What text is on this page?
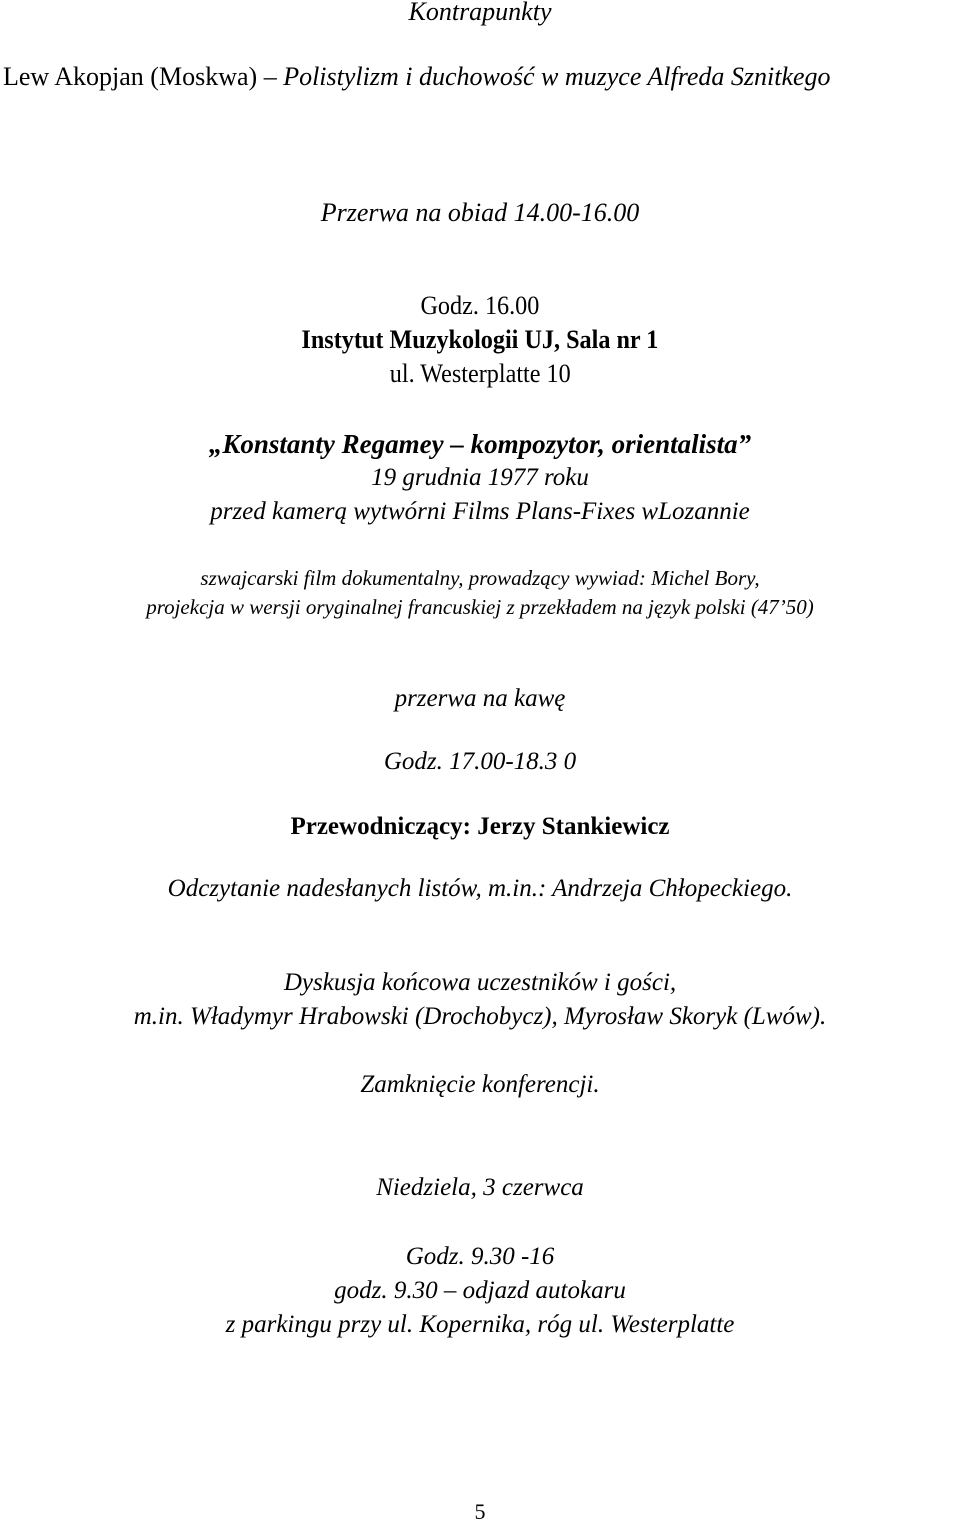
Kontrapunkty

Lew Akopjan (Moskwa) – Polistylizm i duchowość w muzyce Alfreda Sznitkego

Przerwa na obiad 14.00-16.00

Godz. 16.00

Instytut Muzykologii UJ, Sala nr 1

ul. Westerplatte 10

„Konstanty Regamey – kompozytor, orientalista”

19 grudnia 1977 roku

przed kamerą wytwórni Films Plans-Fixes wLozannie

szwajcarski film dokumentalny, prowadzący wywiad: Michel Bory,

projekcja w wersji oryginalnej francuskiej z przekładem na język polski (47’50)

przerwa na kawę

Godz. 17.00-18.3 0

Przewodniczący: Jerzy Stankiewicz

Odczytanie nadesłanych listów, m.in.: Andrzeja Chłopeckiego.

Dyskusja końcowa uczestników i gości,

m.in. Władymyr Hrabowski (Drochobycz), Myrosław Skoryk (Lwów).

Zamknięcie konferencji.

Niedziela, 3 czerwca

Godz. 9.30 -16

godz. 9.30 – odjazd autokaru

z parkingu przy ul. Kopernika, róg ul. Westerplatte

5
